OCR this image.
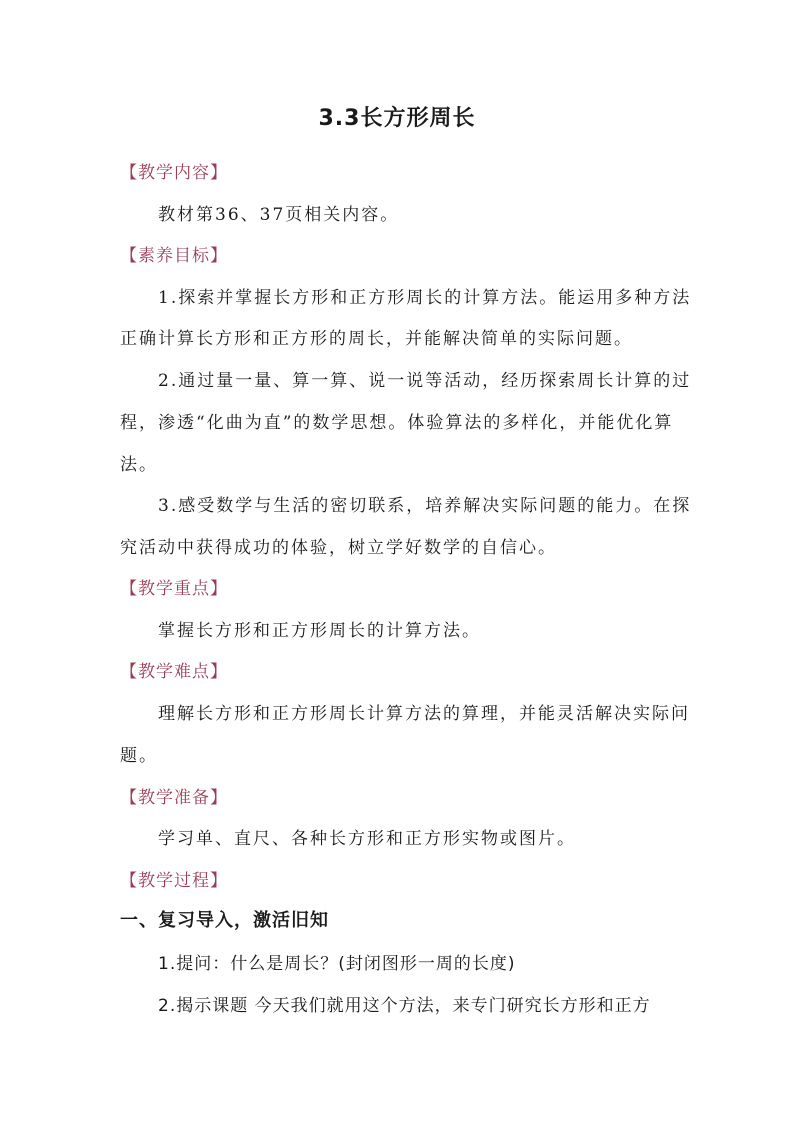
3.3长方形周长
【教学内容】
教材第36、37页相关内容。
【素养目标】
1.探索并掌握长方形和正方形周长的计算方法。能运用多种方法
正确计算长方形和正方形的周长，并能解决简单的实际问题。
2.通过量一量、算一算、说一说等活动，经历探索周长计算的过
程，渗透“化曲为直”的数学思想。体验算法的多样化，并能优化算
法。
3.感受数学与生活的密切联系，培养解决实际问题的能力。在探
究活动中获得成功的体验，树立学好数学的自信心。
【教学重点】
掌握长方形和正方形周长的计算方法。
【教学难点】
理解长方形和正方形周长计算方法的算理，并能灵活解决实际问
题。
【教学准备】
学习单、直尺、各种长方形和正方形实物或图片。
【教学过程】
一、复习导入，激活旧知
1.提问：什么是周长？(封闭图形一周的长度)
2.揭示课题 今天我们就用这个方法，来专门研究长方形和正方
